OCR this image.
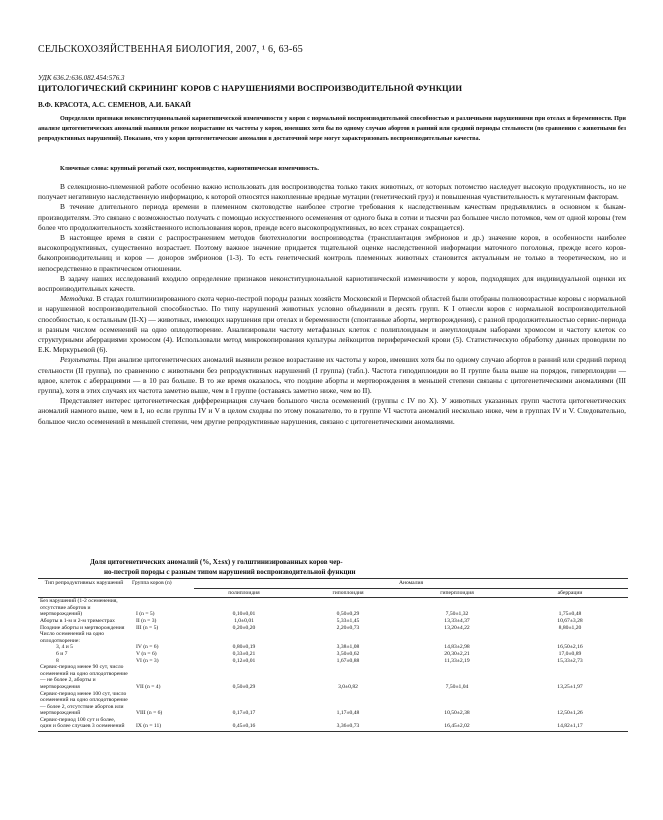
СЕЛЬСКОХОЗЯЙСТВЕННАЯ БИОЛОГИЯ, 2007, ¹ 6, 63-65
УДК 636.2:636.082.454:576.3
ЦИТОЛОГИЧЕСКИЙ СКРИНИНГ КОРОВ С НАРУШЕНИЯМИ ВОСПРОИЗВОДИТЕЛЬНОЙ ФУНКЦИИ
В.Ф. КРАСОТА, А.С. СЕМЕНОВ, А.И. БАКАЙ
Определяли признаки неконституциональной кариотипической изменчивости у коров с нормальной воспроизводительной способностью и различными нарушениями при отелах и беременности. При анализе цитогенетических аномалий выявили резкое возрастание их частоты у коров, имевших хотя бы по одному случаю абортов в ранний или средний периоды стельности (по сравнению с животными без репродуктивных нарушений). Показано, что у коров цитогенетические аномалии в достаточной мере могут характеризовать воспроизводительные качества.
Ключевые слова: крупный рогатый скот, воспроизводство, кариотипическая изменчивость.

В селекционно-племенной работе особенно важно использовать для воспроизводства только таких животных, от которых потомство наследует высокую продуктивность, но не получает негативную наследственную информацию, к которой относятся накопленные вредные мутации (генетический груз) и повышенная чувствительность к мутагенным факторам.

В течение длительного периода времени в племенном скотоводстве наиболее строгие требования к наследственным качествам предъявлялись в основном к быкам-производителям. Это связано с возможностью получать с помощью искусственного осеменения от одного быка в сотни и тысячи раз большее число потомков, чем от одной коровы (тем более что продолжительность хозяйственного использования коров, прежде всего высокопродуктивных, во всех странах сокращается).

В настоящее время в связи с распространением методов биотехнологии воспроизводства (трансплантация эмбрионов и др.) значение коров, в особенности наиболее высокопродуктивных, существенно возрастает. Поэтому важное значение придается тщательной оценке наследственной информации маточного поголовья, прежде всего коров-быкопроизводительниц и коров — доноров эмбрионов (1-3). То есть генетический контроль племенных животных становится актуальным не только в теоретическом, но и непосредственно в практическом отношении.

В задачу наших исследований входило определение признаков неконституциональной кариотипической изменчивости у коров, подходящих для индивидуальной оценки их воспроизводительных качеств.

Методика. В стадах голштинизированного скота черно-пестрой породы разных хозяйств Московской и Пермской областей были отобраны полновозрастные коровы с нормальной и нарушенной воспроизводительной способностью. По типу нарушений животных условно объединили в десять групп. К I отнесли коров с нормальной воспроизводительной способностью, к остальным (II-X) — животных, имеющих нарушения при отелах и беременности (спонтанные аборты, мертворождения), с разной продолжительностью сервис-периода и разным числом осеменений на одно оплодотворение. Анализировали частоту метафазных клеток с полиплоидным и анеуплоидным наборами хромосом и частоту клеток со структурными аберрациями хромосом (4). Использовали метод микрокопирования культуры лейкоцитов периферической крови (5). Статистическую обработку данных проводили по Е.К. Меркурьевой (6).

Результаты. При анализе цитогенетических аномалий выявили резкое возрастание их частоты у коров, имевших хотя бы по одному случаю абортов в ранний или средний период стельности (II группа), по сравнению с животными без репродуктивных нарушений (I группа) (табл.). Частота гиподиплоидии во II группе была выше на порядок, гиперплоидии — вдвое, клеток с аберрациями — в 10 раз больше. В то же время оказалось, что поздние аборты и мертворождения в меньшей степени связаны с цитогенетическими аномалиями (III группа), хотя в этих случаях их частота заметно выше, чем в I группе (оставаясь заметно ниже, чем во II).

Представляет интерес цитогенетическая дифференциация случаев большого числа осеменений (группы с IV по X). У животных указанных групп частота цитогенетических аномалий намного выше, чем в I, но если группы IV и V в целом сходны по этому показателю, то в группе VI частота аномалий несколько ниже, чем в группах IV и V. Следовательно, большое число осеменений в меньшей степени, чем другие репродуктивные нарушения, связано с цитогенетическими аномалиями.

Доля цитогенетических аномалий (%, X±sx) у голштинизированных коров чер-
но-пестрой породы с разным типом нарушений воспроизводительной функции
Тип репродуктивных нарушений	Группа коров (n)	Аномалия			
		полиплоидия	гипоплоидия	гиперплоидия	аберрации
Без нарушений (1-2 осеменения, отсутствие абортов и мертворождений)	I (n = 5)	0,10±0,01	0,50±0,29	7,50±1,32	1,75±0,48
Аборты в 1-м и 2-м триместрах	II (n = 3)	1,0±0,01	5,33±1,45	13,33±4,37	10,67±3,28
Поздние аборты и мертворождения	III (n = 5)	0,20±0,20	2,20±0,73	13,20±4,22	8,80±1,20
Число осеменений на одно оплодотворение:					
3, 4 и 5	IV (n = 6)	0,80±0,19	3,38±1,08	14,83±2,98	16,50±2,16
6 и 7	V (n = 6)	0,33±0,21	3,50±0,62	20,30±2,21	17,0±0,89
8	VI (n = 3)	0,12±0,01	1,67±0,88	11,33±2,19	15,33±2,73
Сервис-период менее 90 сут, число осеменений на одно оплодотворение — не более 2, аборты и мертворождения	VII (n = 4)	0,50±0,29	3,0±0,82	7,50±1,04	13,25±1,97
Сервис-период менее 100 сут, число осеменений на одно оплодотворение — более 2, отсутствие абортов или мертворождений	VIII (n = 6)	0,17±0,17	1,17±0,48	10,50±2,38	12,50±1,26
Сервис-период 100 сут и более, один и более случаев 3 осеменений	IX (n = 11)	0,45±0,16	3,36±0,73	16,45±2,02	14,82±1,17
